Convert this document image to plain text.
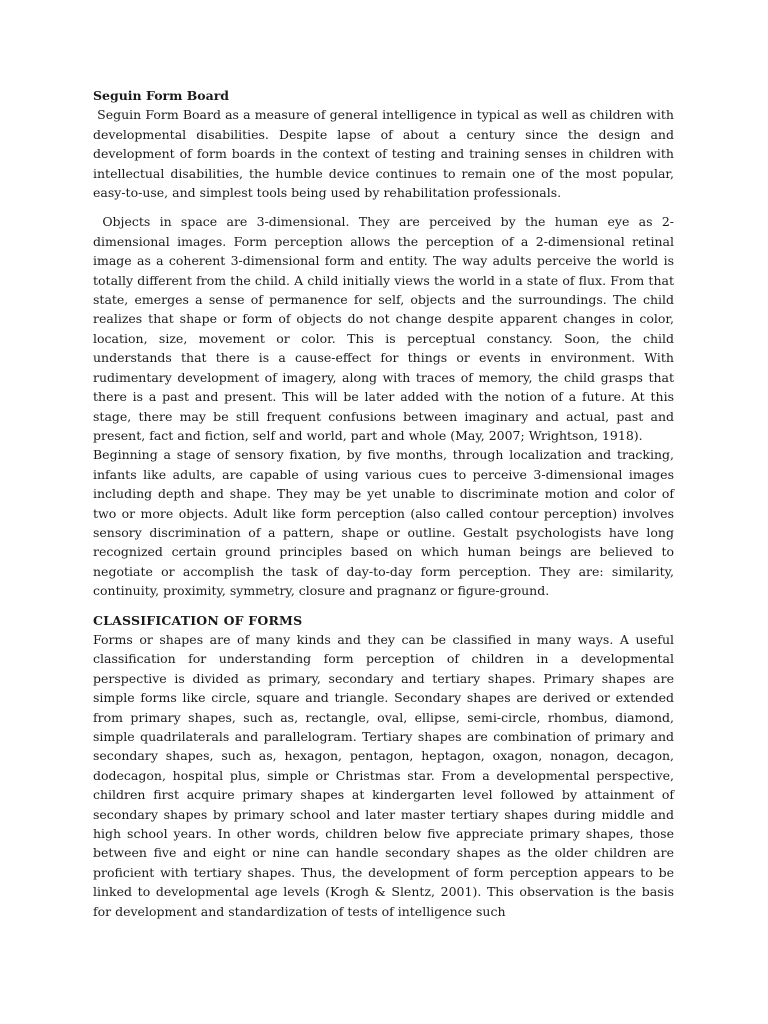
Seguin Form Board

Seguin Form Board as a measure of general intelligence in typical as well as children with developmental disabilities. Despite lapse of about a century since the design and development of form boards in the context of testing and training senses in children with intellectual disabilities, the humble device continues to remain one of the most popular, easy-to-use, and simplest tools being used by rehabilitation professionals.

Objects in space are 3-dimensional. They are perceived by the human eye as 2-dimensional images. Form perception allows the perception of a 2-dimensional retinal image as a coherent 3-dimensional form and entity. The way adults perceive the world is totally different from the child. A child initially views the world in a state of flux. From that state, emerges a sense of permanence for self, objects and the surroundings. The child realizes that shape or form of objects do not change despite apparent changes in color, location, size, movement or color. This is perceptual constancy. Soon, the child understands that there is a cause-effect for things or events in environment. With rudimentary development of imagery, along with traces of memory, the child grasps that there is a past and present. This will be later added with the notion of a future. At this stage, there may be still frequent confusions between imaginary and actual, past and present, fact and fiction, self and world, part and whole (May, 2007; Wrightson, 1918).

Beginning a stage of sensory fixation, by five months, through localization and tracking, infants like adults, are capable of using various cues to perceive 3-dimensional images including depth and shape. They may be yet unable to discriminate motion and color of two or more objects. Adult like form perception (also called contour perception) involves sensory discrimination of a pattern, shape or outline. Gestalt psychologists have long recognized certain ground principles based on which human beings are believed to negotiate or accomplish the task of day-to-day form perception. They are: similarity, continuity, proximity, symmetry, closure and pragnanz or figure-ground.

CLASSIFICATION OF FORMS

Forms or shapes are of many kinds and they can be classified in many ways. A useful classification for understanding form perception of children in a developmental perspective is divided as primary, secondary and tertiary shapes. Primary shapes are simple forms like circle, square and triangle. Secondary shapes are derived or extended from primary shapes, such as, rectangle, oval, ellipse, semi-circle, rhombus, diamond, simple quadrilaterals and parallelogram. Tertiary shapes are combination of primary and secondary shapes, such as, hexagon, pentagon, heptagon, oxagon, nonagon, decagon, dodecagon, hospital plus, simple or Christmas star. From a developmental perspective, children first acquire primary shapes at kindergarten level followed by attainment of secondary shapes by primary school and later master tertiary shapes during middle and high school years. In other words, children below five appreciate primary shapes, those between five and eight or nine can handle secondary shapes as the older children are proficient with tertiary shapes. Thus, the development of form perception appears to be linked to developmental age levels (Krogh & Slentz, 2001). This observation is the basis for development and standardization of tests of intelligence such
